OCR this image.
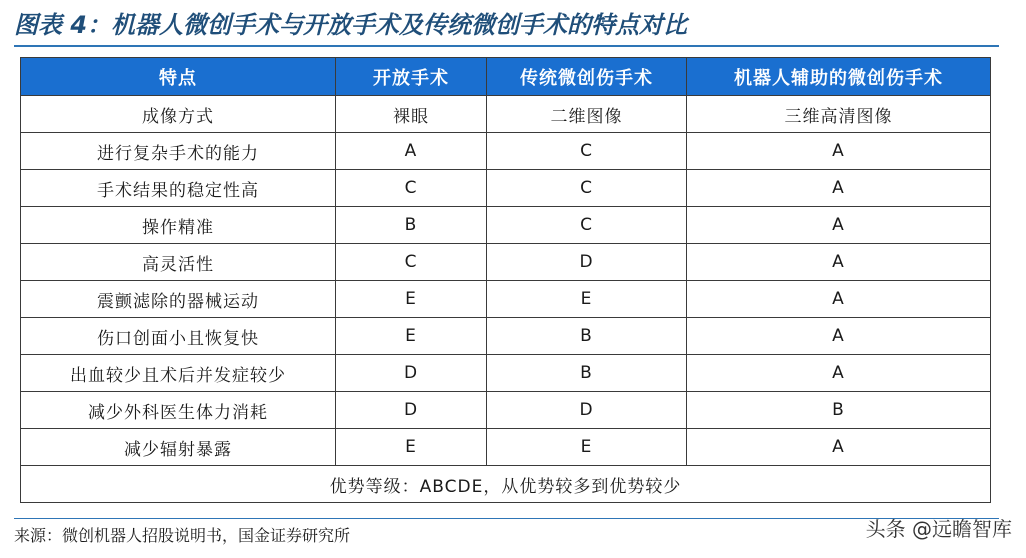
图表 4：机器人微创手术与开放手术及传统微创手术的特点对比
特点	开放手术	传统微创伤手术	机器人辅助的微创伤手术
成像方式	裸眼	二维图像	三维高清图像
进行复杂手术的能力	A	C	A
手术结果的稳定性高	C	C	A
操作精准	B	C	A
高灵活性	C	D	A
震颤滤除的器械运动	E	E	A
伤口创面小且恢复快	E	B	A
出血较少且术后并发症较少	D	B	A
减少外科医生体力消耗	D	D	B
减少辐射暴露	E	E	A
优势等级：ABCDE，从优势较多到优势较少			
来源：微创机器人招股说明书，国金证券研究所	头条 @远瞻智库
